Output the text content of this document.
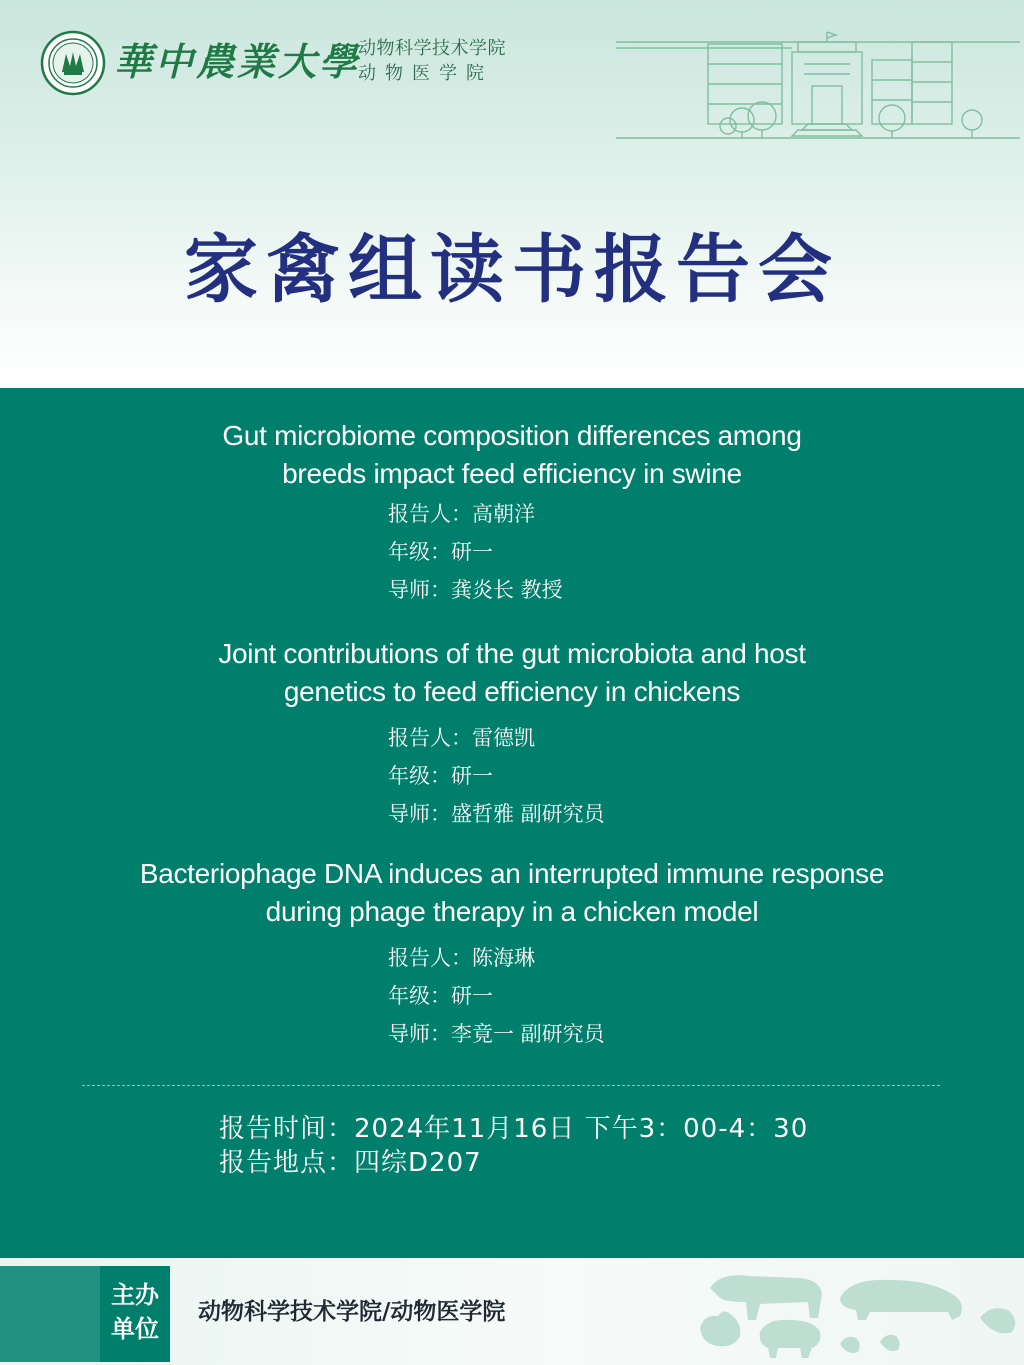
華中農業大學
动物科学技术学院
动物医学院
家禽组读书报告会
Gut microbiome composition differences among
breeds impact feed efficiency in swine
报告人：高朝洋
年级：研一
导师：龚炎长 教授
Joint contributions of the gut microbiota and host
genetics to feed efficiency in chickens
报告人：雷德凯
年级：研一
导师：盛哲雅 副研究员
Bacteriophage DNA induces an interrupted immune response
during phage therapy in a chicken model
报告人：陈海琳
年级：研一
导师：李竟一 副研究员
报告时间：2024年11月16日 下午3：00-4：30
报告地点：四综D207
主办
单位
动物科学技术学院/动物医学院
